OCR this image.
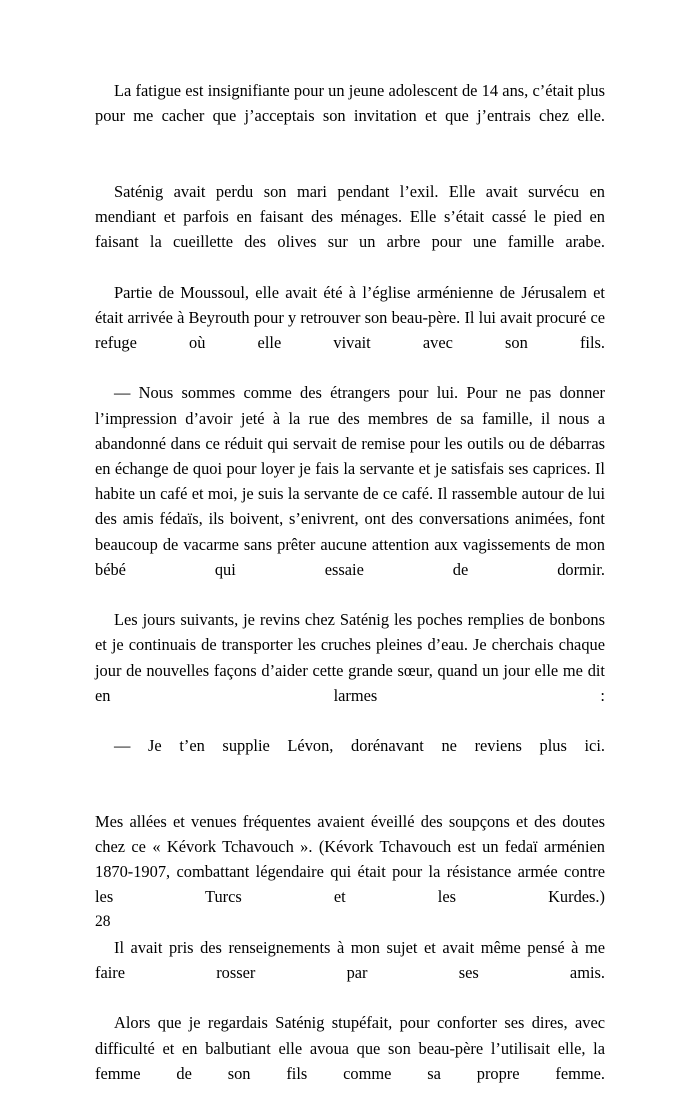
La fatigue est insignifiante pour un jeune adolescent de 14 ans, c’était plus pour me cacher que j’acceptais son invitation et que j’entrais chez elle.

Saténig avait perdu son mari pendant l’exil. Elle avait survécu en mendiant et parfois en faisant des ménages. Elle s’était cassé le pied en faisant la cueillette des olives sur un arbre pour une famille arabe.

Partie de Moussoul, elle avait été à l’église arménienne de Jérusalem et était arrivée à Beyrouth pour y retrouver son beau-père. Il lui avait procuré ce refuge où elle vivait avec son fils.

— Nous sommes comme des étrangers pour lui. Pour ne pas donner l’impression d’avoir jeté à la rue des membres de sa famille, il nous a abandonné dans ce réduit qui servait de remise pour les outils ou de débarras en échange de quoi pour loyer je fais la servante et je satisfais ses caprices. Il habite un café et moi, je suis la servante de ce café. Il rassemble autour de lui des amis fédaïs, ils boivent, s’enivrent, ont des conversations animées, font beaucoup de vacarme sans prêter aucune attention aux vagissements de mon bébé qui essaie de dormir.

Les jours suivants, je revins chez Saténig les poches remplies de bonbons et je continuais de transporter les cruches pleines d’eau. Je cherchais chaque jour de nouvelles façons d’aider cette grande sœur, quand un jour elle me dit en larmes :

— Je t’en supplie Lévon, dorénavant ne reviens plus ici.

Mes allées et venues fréquentes avaient éveillé des soupçons et des doutes chez ce « Kévork Tchavouch ». (Kévork Tchavouch est un fedaï arménien 1870-1907, combattant légendaire qui était pour la résistance armée contre les Turcs et les Kurdes.)

Il avait pris des renseignements à mon sujet et avait même pensé à me faire rosser par ses amis.

Alors que je regardais Saténig stupéfait, pour conforter ses dires, avec difficulté et en balbutiant elle avoua que son beau-père l’utilisait elle, la femme de son fils comme sa propre femme.

28
